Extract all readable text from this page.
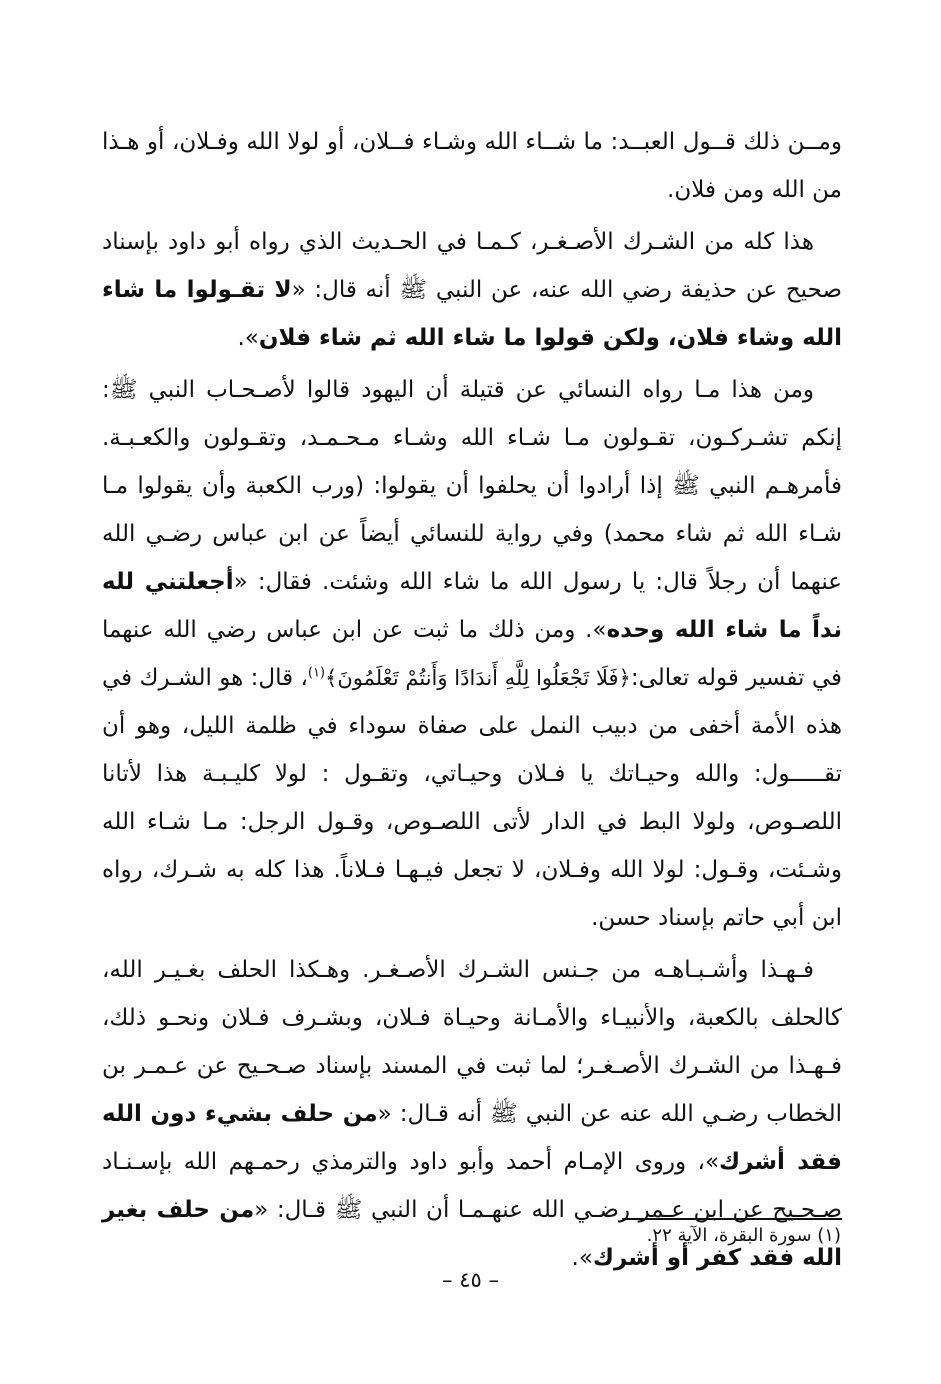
ومــن ذلك قــول العبــد: ما شــاء الله وشـاء فــلان، أو لولا الله وفـلان، أو هـذا من الله ومن فلان.

هذا كله من الشـرك الأصـغـر، كـمـا في الحـديث الذي رواه أبو داود بإسناد صحيح عن حذيفة رضي الله عنه، عن النبي ﷺ أنه قال: «لا تقـولوا ما شاء الله وشاء فلان، ولكن قولوا ما شاء الله ثم شاء فلان».

ومن هذا مـا رواه النسائي عن قتيلة أن اليهود قالوا لأصـحـاب النبي ﷺ: إنكم تشـركـون، تقـولون مـا شـاء الله وشـاء مـحـمـد، وتقـولون والكعـبـة. فأمرهـم النبي ﷺ إذا أرادوا أن يحلفوا أن يقولوا: (ورب الكعبة وأن يقولوا مـا شـاء الله ثم شاء محمد) وفي رواية للنسائي أيضاً عن ابن عباس رضـي الله عنهما أن رجلاً قال: يا رسول الله ما شاء الله وشئت. فقال: «أجعلتني لله نداً ما شاء الله وحده». ومن ذلك ما ثبت عن ابن عباس رضي الله عنهما في تفسير قوله تعالى:﴿فَلَا تَجْعَلُوا لِلَّهِ أَندَادًا وَأَنتُمْ تَعْلَمُونَ﴾$^{(١)}$، قال: هو الشـرك في هذه الأمة أخفى من دبيب النمل على صفاة سوداء في ظلمة الليل، وهو أن تقـــــول: والله وحيـاتك يا فـلان وحيـاتي، وتقـول : لولا كليـبـة هذا لأتانا اللصـوص، ولولا البط في الدار لأتى اللصـوص، وقـول الرجل: مـا شـاء الله وشـئت، وقـول: لولا الله وفـلان، لا تجعل فيـهـا فـلاناً. هذا كله به شـرك، رواه ابن أبي حاتم بإسناد حسن.

فـهـذا وأشـبـاهـه من جـنس الشـرك الأصـغـر. وهـكذا الحلف بغـيـر الله، كالحلف بالكعبة، والأنبيـاء والأمـانة وحيـاة فـلان، وبشـرف فـلان ونحـو ذلك، فـهـذا من الشـرك الأصـغـر؛ لما ثبت في المسند بإسناد صـحـيح عن عـمـر بن الخطاب رضـي الله عنه عن النبي ﷺ أنه قـال: «من حلف بشيء دون الله فقد أشرك»، وروى الإمـام أحمد وأبو داود والترمذي رحمـهم الله بإسـنـاد صـحـيح عن ابن عـمر رضـي الله عنهـمـا أن النبي ﷺ قـال: «من حلف بغير الله فقد كفر أو أشرك».

(١) سورة البقرة، الآية ٢٢.
– ٤٥ –
